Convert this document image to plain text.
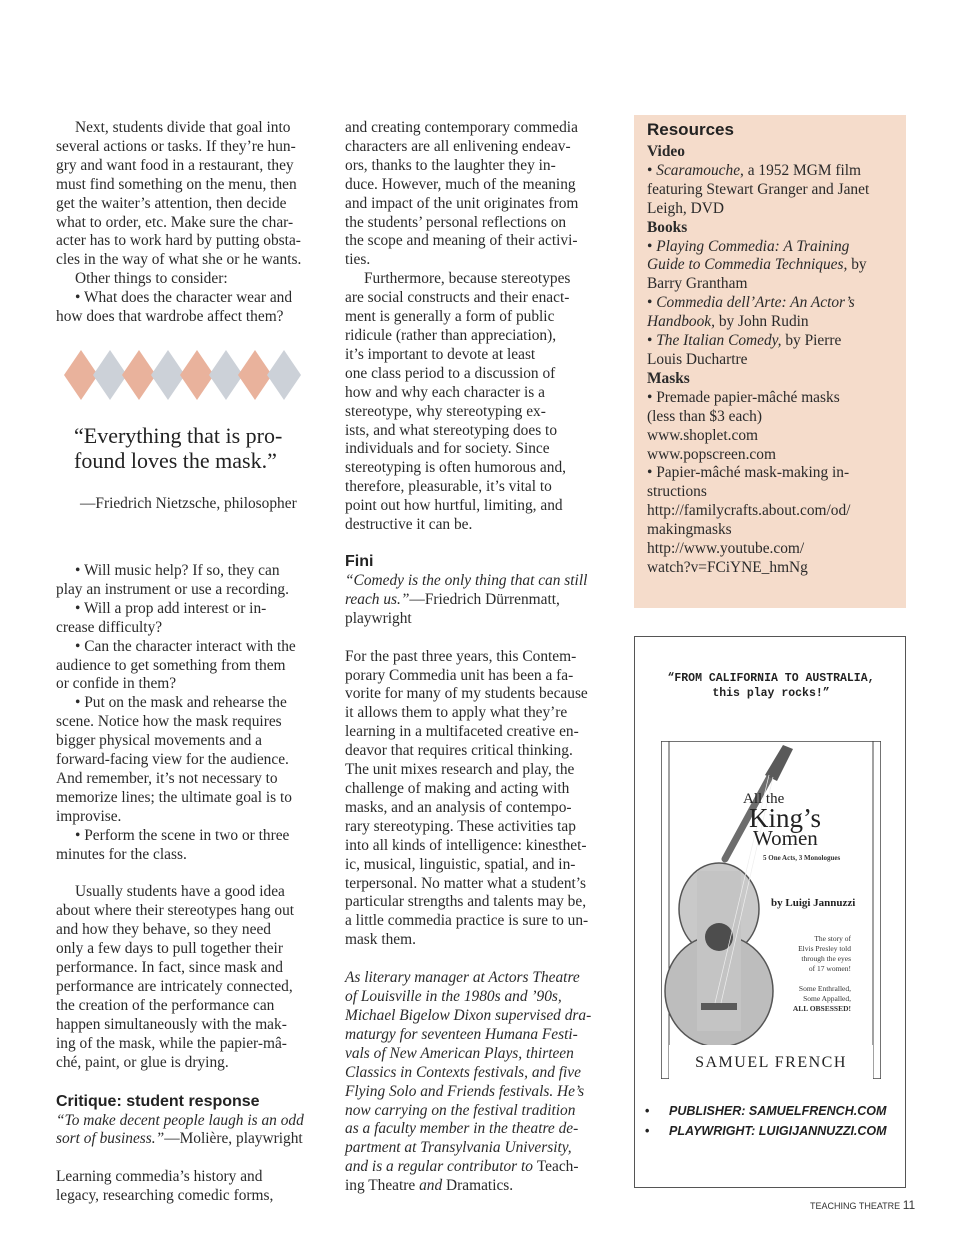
Next, students divide that goal into
several actions or tasks. If they’re hun-
gry and want food in a restaurant, they
must find something on the menu, then
get the waiter’s attention, then decide
what to order, etc. Make sure the char-
acter has to work hard by putting obsta-
cles in the way of what she or he wants.

Other things to consider:

• What does the character wear and
how does that wardrobe affect them?

• Will music help? If so, they can
play an instrument or use a recording.

• Will a prop add interest or in-
crease difficulty?

• Can the character interact with the
audience to get something from them
or confide in them?

• Put on the mask and rehearse the
scene. Notice how the mask requires
bigger physical movements and a
forward-facing view for the audience.
And remember, it’s not necessary to
memorize lines; the ultimate goal is to
improvise.

• Perform the scene in two or three
minutes for the class.

Usually students have a good idea
about where their stereotypes hang out
and how they behave, so they need
only a few days to pull together their
performance. In fact, since mask and
performance are intricately connected,
the creation of the performance can
happen simultaneously with the mak-
ing of the mask, while the papier-mâ-
ché, paint, or glue is drying.

Critique: student response

“To make decent people laugh is an odd
sort of business.”—Molière, playwright

Learning commedia’s history and
legacy, researching comedic forms,

“Everything that is pro-
found loves the mask.”
—Friedrich Nietzsche, philosopher

and creating contemporary commedia
characters are all enlivening endeav-
ors, thanks to the laughter they in-
duce. However, much of the meaning
and impact of the unit originates from
the students’ personal reflections on
the scope and meaning of their activi-
ties.

Furthermore, because stereotypes
are social constructs and their enact-
ment is generally a form of public
ridicule (rather than appreciation),
it’s important to devote at least
one class period to a discussion of
how and why each character is a
stereotype, why stereotyping ex-
ists, and what stereotyping does to
individuals and for society. Since
stereotyping is often humorous and,
therefore, pleasurable, it’s vital to
point out how hurtful, limiting, and
destructive it can be.

Fini

“Comedy is the only thing that can still
reach us.”—Friedrich Dürrenmatt,
playwright

For the past three years, this Contem-
porary Commedia unit has been a fa-
vorite for many of my students because
it allows them to apply what they’re
learning in a multifaceted creative en-
deavor that requires critical thinking.
The unit mixes research and play, the
challenge of making and acting with
masks, and an analysis of contempo-
rary stereotyping. These activities tap
into all kinds of intelligence: kinesthet-
ic, musical, linguistic, spatial, and in-
terpersonal. No matter what a student’s
particular strengths and talents may be,
a little commedia practice is sure to un-
mask them.

As literary manager at Actors Theatre
of Louisville in the 1980s and ’90s,
Michael Bigelow Dixon supervised dra-
maturgy for seventeen Humana Festi-
vals of New American Plays, thirteen
Classics in Contexts festivals, and five
Flying Solo and Friends festivals. He’s
now carrying on the festival tradition
as a faculty member in the theatre de-
partment at Transylvania University,
and is a regular contributor to Teach-
ing Theatre and Dramatics.

Resources
Video
• Scaramouche, a 1952 MGM film
featuring Stewart Granger and Janet
Leigh, DVD
Books
• Playing Commedia: A Training
Guide to Commedia Techniques, by
Barry Grantham
• Commedia dell’Arte: An Actor’s
Handbook, by John Rudin
• The Italian Comedy, by Pierre
Louis Duchartre
Masks
• Premade papier-mâché masks
(less than $3 each)
www.shoplet.com
www.popscreen.com
• Papier-mâché mask-making in-
structions
http://familycrafts.about.com/od/
makingmasks
http://www.youtube.com/
watch?v=FCiYNE_hmNg
“FROM CALIFORNIA TO AUSTRALIA,
this play rocks!”
All the
King’s
Women
5 One Acts, 3 Monologues
by Luigi Jannuzzi
The story of
Elvis Presley told
through the eyes
of 17 women!
Some Enthralled,
Some Appalled,
ALL OBSESSED!
SAMUEL FRENCH
• PUBLISHER: SAMUELFRENCH.COM
• PLAYWRIGHT: LUIGIJANNUZZI.COM
TEACHING THEATRE 11
